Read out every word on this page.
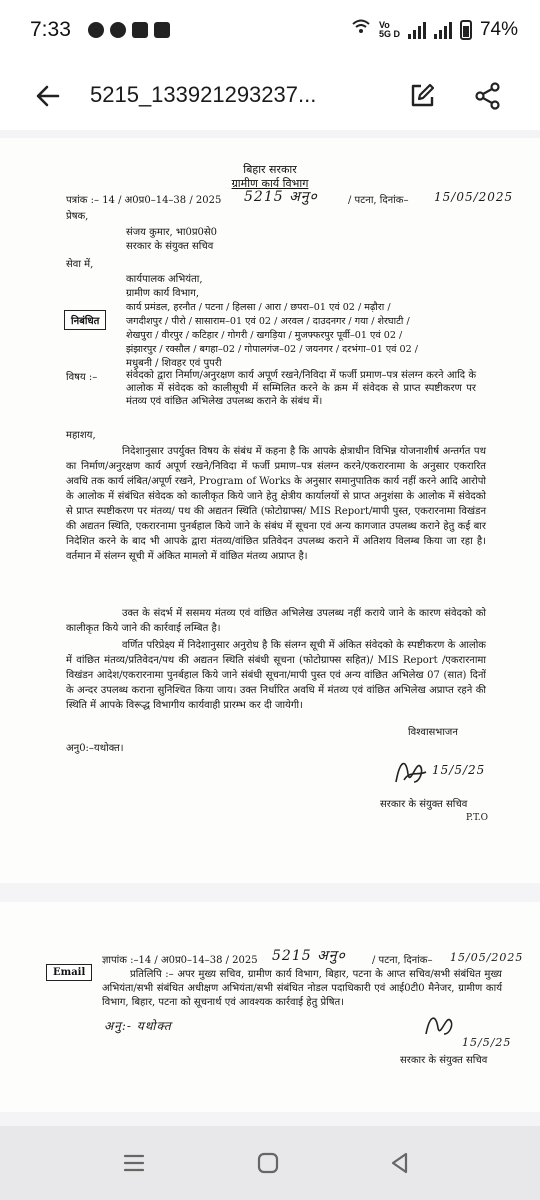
7:33	Vo
5G D	74%
5215_133921293237...
बिहार सरकार
ग्रामीण कार्य विभाग
पत्रांक :– 14 / अ0प्र0–14–38 / 2025 5215 अनु०	/ पटना, दिनांक– 15/05/2025
प्रेषक,
संजय कुमार, भा0प्र0से0
सरकार के संयुक्त सचिव
सेवा में,
कार्यपालक अभियंता,
ग्रामीण कार्य विभाग,
कार्य प्रमंडल, हरनौत / पटना / हिलसा / आरा / छपरा–01 एवं 02 / मढ़ौरा /
जगदीशपुर / पीरो / सासाराम–01 एवं 02 / अरवल / दाउदनगर / गया / शेरघाटी /
शेखपुरा / वीरपुर / कटिहार / गोगरी / खगड़िया / मुजफ्फरपुर पूर्वी–01 एवं 02 /
झंझारपुर / रक्सौल / बगहा–02 / गोपालगंज–02 / जयनगर / दरभंगा–01 एवं 02 /
मधुबनी / शिवहर एवं पुपरी
निबंधित
विषय :–	संवेदको द्वारा निर्माण/अनुरक्षण कार्य अपूर्ण रखने/निविदा में फर्जी प्रमाण–पत्र संलग्न करने आदि के आलोक में संवेदक को कालीसूची में सम्मिलित करने के क्रम में संवेदक से प्राप्त स्पष्टीकरण पर मंतव्य एवं वांछित अभिलेख उपलब्ध कराने के संबंध में।
महाशय,
निदेशानुसार उपर्युक्त विषय के संबंध में कहना है कि आपके क्षेत्राधीन विभिन्न योजनाशीर्ष अन्तर्गत पथ का निर्माण/अनुरक्षण कार्य अपूर्ण रखने/निविदा में फर्जी प्रमाण–पत्र संलग्न करने/एकरारनामा के अनुसार एकरारित अवधि तक कार्य लंबित/अपूर्ण रखने, Program of Works के अनुसार समानुपातिक कार्य नहीं करने आदि आरोपो के आलोक में संबंधित संवेदक को कालीकृत किये जाने हेतु क्षेत्रीय कार्यालयों से प्राप्त अनुशंसा के आलोक में संवेदको से प्राप्त स्पष्टीकरण पर मंतव्य/ पथ की अद्यतन स्थिति (फोटोग्राफ्स/ MIS Report/मापी पुस्त, एकरारनामा विखंडन की अद्यतन स्थिति, एकरारनामा पुनर्बहाल किये जाने के संबंध में सूचना एवं अन्य कागजात उपलब्ध कराने हेतु कई बार निदेशित करने के बाद भी आपके द्वारा मंतव्य/वांछित प्रतिवेदन उपलब्ध कराने में अतिशय विलम्ब किया जा रहा है। वर्तमान में संलग्न सूची में अंकित मामलो में वांछित मंतव्य अप्राप्त है।
उक्त के संदर्भ में ससमय मंतव्य एवं वांछित अभिलेख उपलब्ध नहीं कराये जाने के कारण संवेदको को कालीकृत किये जाने की कार्रवाई लम्बित है।
वर्णित परिप्रेक्ष्य में निदेशानुसार अनुरोध है कि संलग्न सूची में अंकित संवेदको के स्पष्टीकरण के आलोक में वांछित मंतव्य/प्रतिवेदन/पथ की अद्यतन स्थिति संबंधी सूचना (फोटोग्राफ्स सहित)/ MIS Report /एकरारनामा विखंडन आदेश/एकरारनामा पुनर्बहाल किये जाने संबंधी सूचना/मापी पुस्त एवं अन्य वांछित अभिलेख 07 (सात) दिनों के अन्दर उपलब्ध कराना सुनिश्चित किया जाय। उक्त निर्धारित अवधि में मंतव्य एवं वांछित अभिलेख अप्राप्त रहने की स्थिति में आपके विरूद्ध विभागीय कार्यवाही प्रारम्भ कर दी जायेगी।
अनु0:–यथोक्त।
विश्वासभाजन
15/5/25
सरकार के संयुक्त सचिव
P.T.O
ज्ञापांक :–14 / अ0प्र0–14–38 / 2025 5215 अनु०	/ पटना, दिनांक– 15/05/2025
Email	प्रतिलिपि :– अपर मुख्य सचिव, ग्रामीण कार्य विभाग, बिहार, पटना के आप्त सचिव/सभी संबंधित मुख्य अभियंता/सभी संबंधित अधीक्षण अभियंता/सभी संबंधित नोडल पदाधिकारी एवं आई0टी0 मैनेजर, ग्रामीण कार्य विभाग, बिहार, पटना को सूचनार्थ एवं आवश्यक कार्रवाई हेतु प्रेषित।
अनु:- यथोक्त
15/5/25
सरकार के संयुक्त सचिव
